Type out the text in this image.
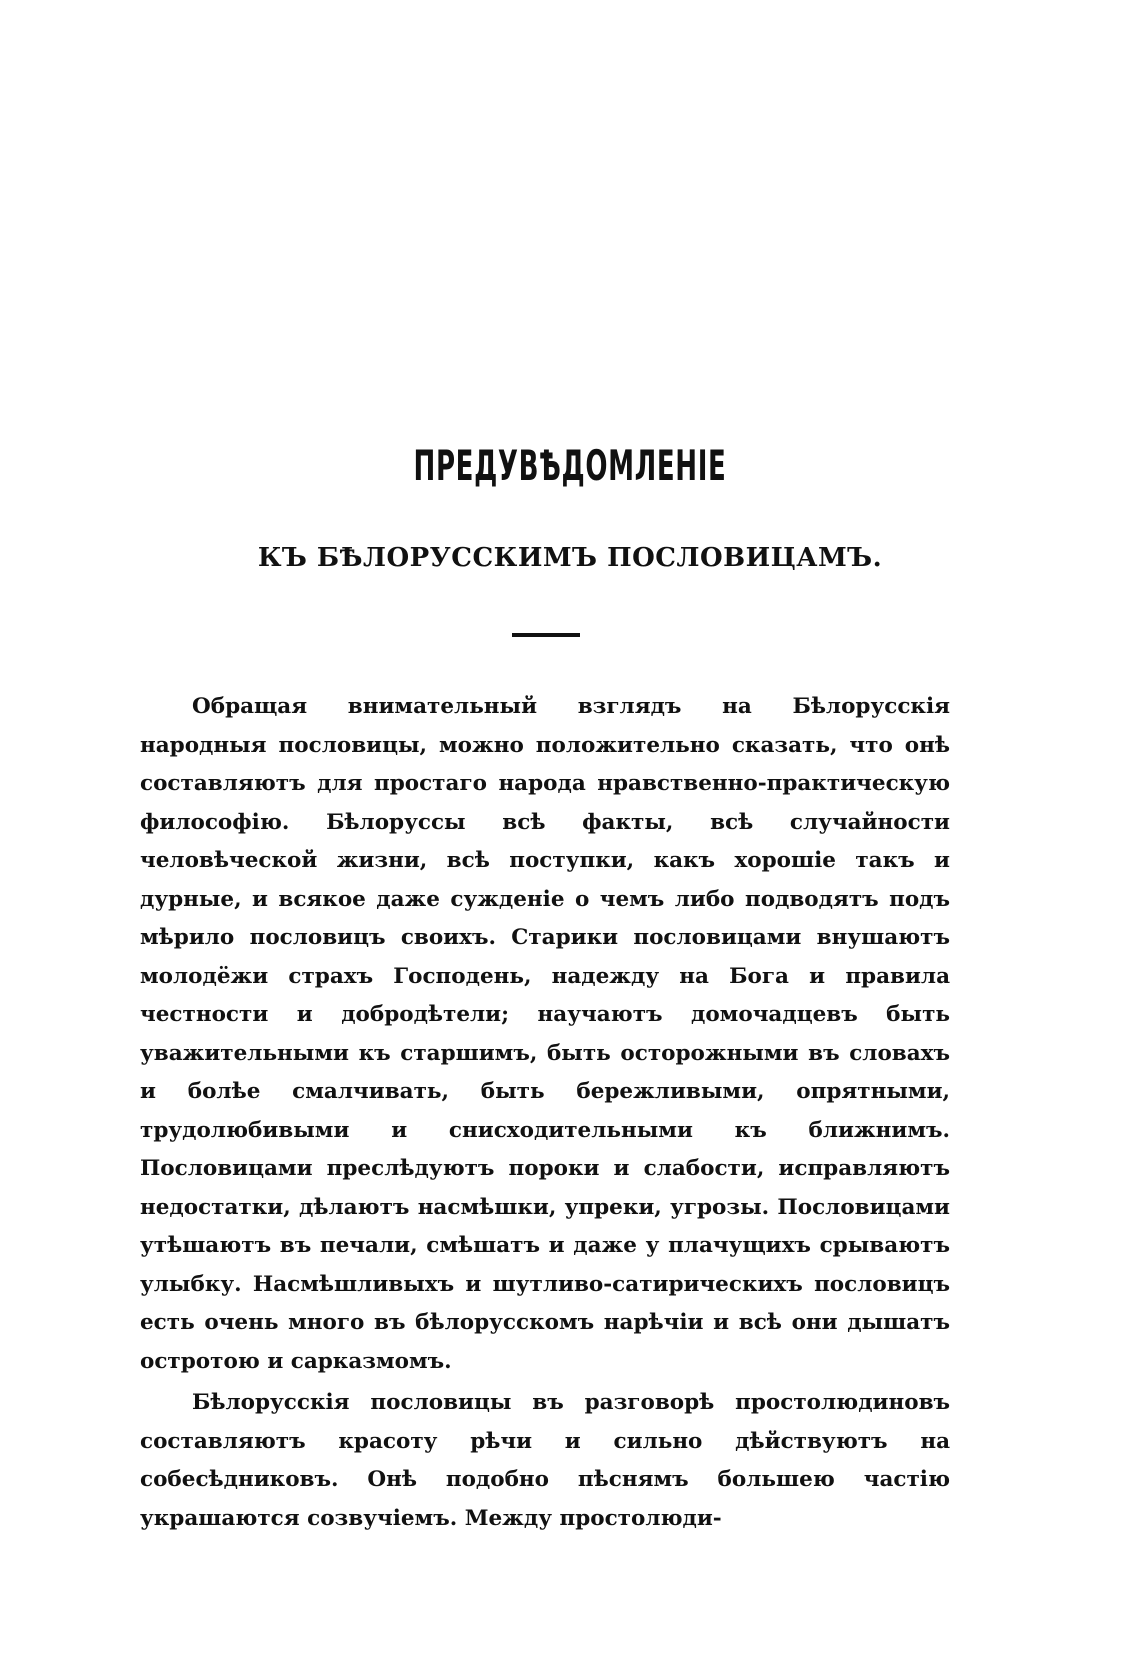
ПРЕДУВѢДОМЛЕНІЕ
КЪ БѢЛОРУССКИМЪ ПОСЛОВИЦАМЪ.

Обращая внимательный взглядъ на Бѣлорусскія народныя пословицы, можно положительно сказать, что онѣ составляютъ для простаго народа нравственно-практическую философію. Бѣлоруссы всѣ факты, всѣ случайности человѣческой жизни, всѣ поступки, какъ хорошіе такъ и дурные, и всякое даже сужденіе о чемъ либо подводятъ подъ мѣрило пословицъ своихъ. Старики пословицами внушаютъ молодёжи страхъ Господень, надежду на Бога и правила честности и добродѣтели; научаютъ домочадцевъ быть уважительными къ старшимъ, быть осторожными въ словахъ и болѣе смалчивать, быть бережливыми, опрятными, трудолюбивыми и снисходительными къ ближнимъ. Пословицами преслѣдуютъ пороки и слабости, исправляютъ недостатки, дѣлаютъ насмѣшки, упреки, угрозы. Пословицами утѣшаютъ въ печали, смѣшатъ и даже у плачущихъ срываютъ улыбку. Насмѣшливыхъ и шутливо-сатирическихъ пословицъ есть очень много въ бѣлорусскомъ нарѣчіи и всѣ они дышатъ остротою и сарказмомъ.

Бѣлорусскія пословицы въ разговорѣ простолюдиновъ составляютъ красоту рѣчи и сильно дѣйствуютъ на собесѣдниковъ. Онѣ подобно пѣснямъ большею частію украшаются созвучіемъ. Между простолюди-
